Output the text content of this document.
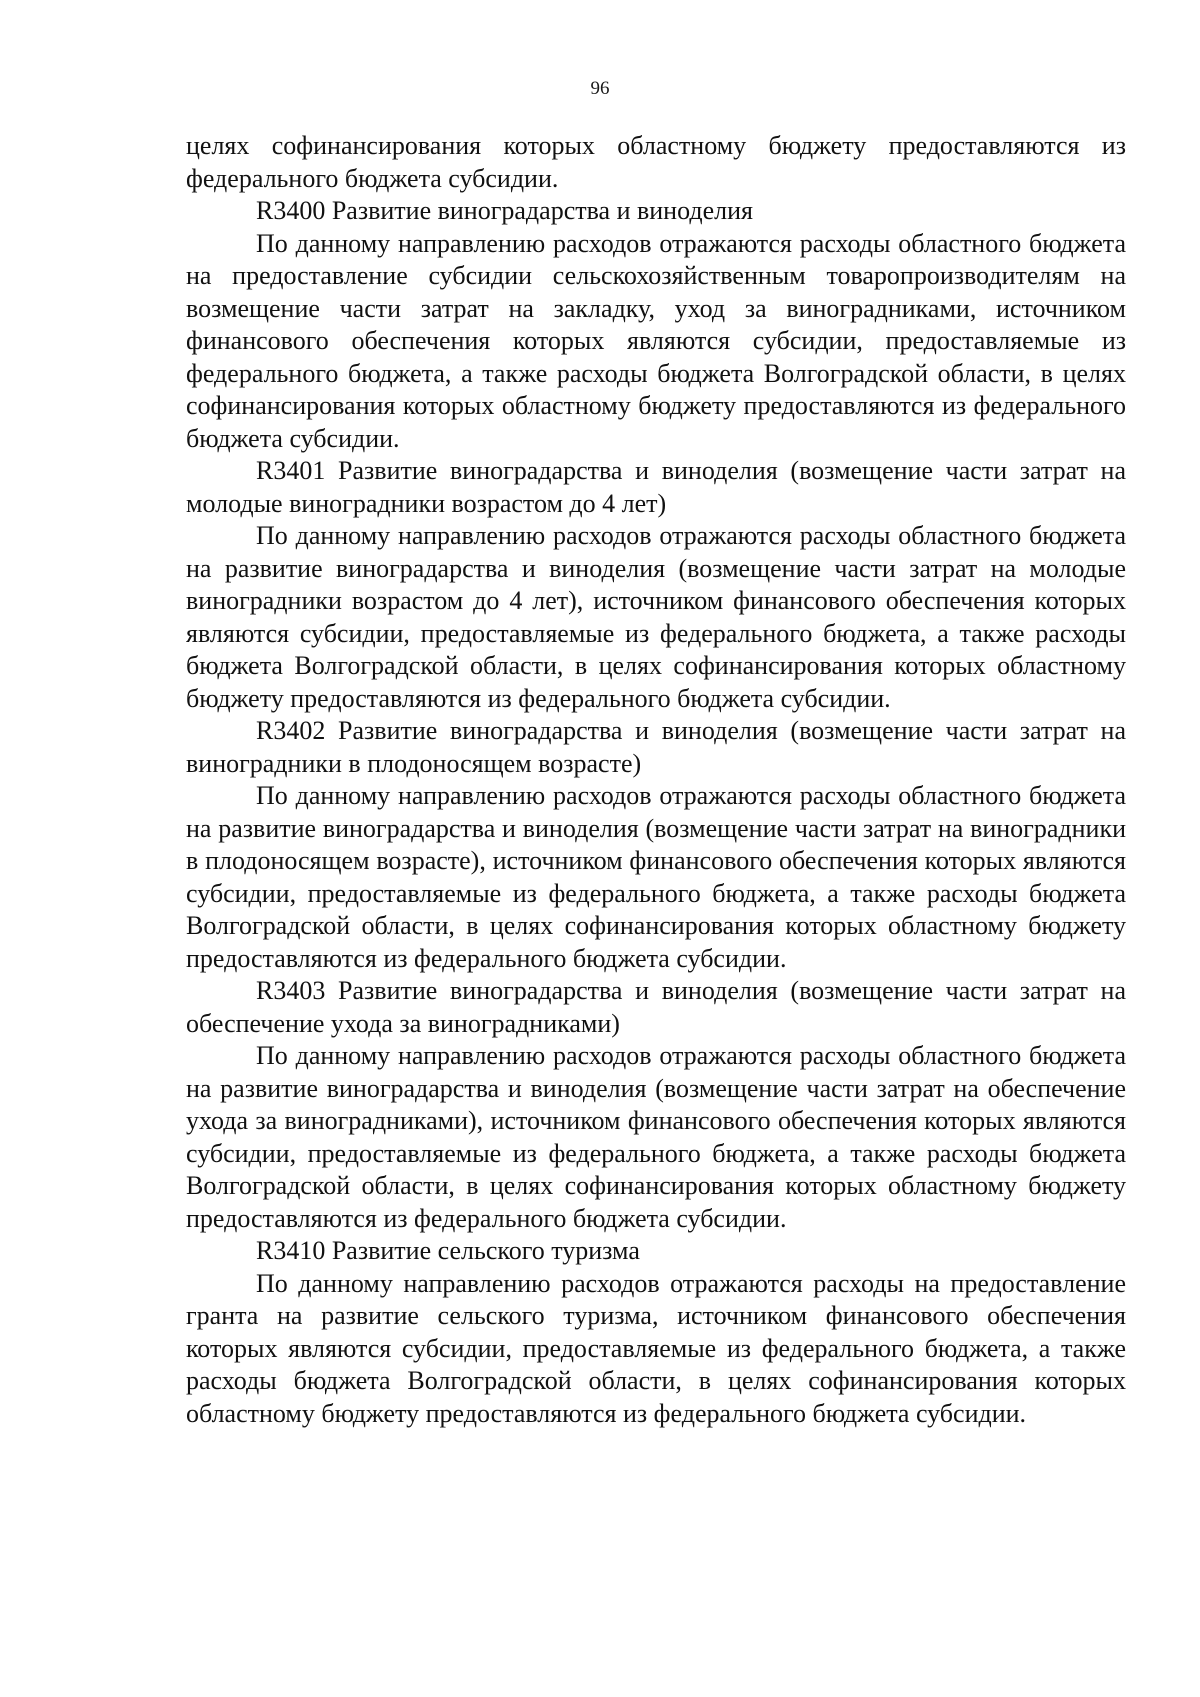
96

целях софинансирования которых областному бюджету предоставляются из федерального бюджета субсидии.

R3400 Развитие виноградарства и виноделия

По данному направлению расходов отражаются расходы областного бюджета на предоставление субсидии сельскохозяйственным товаропроизводителям на возмещение части затрат на закладку, уход за виноградниками, источником финансового обеспечения которых являются субсидии, предоставляемые из федерального бюджета, а также расходы бюджета Волгоградской области, в целях софинансирования которых областному бюджету предоставляются из федерального бюджета субсидии.

R3401 Развитие виноградарства и виноделия (возмещение части затрат на молодые виноградники возрастом до 4 лет)

По данному направлению расходов отражаются расходы областного бюджета на развитие виноградарства и виноделия (возмещение части затрат на молодые виноградники возрастом до 4 лет), источником финансового обеспечения которых являются субсидии, предоставляемые из федерального бюджета, а также расходы бюджета Волгоградской области, в целях софинансирования которых областному бюджету предоставляются из федерального бюджета субсидии.

R3402 Развитие виноградарства и виноделия (возмещение части затрат на виноградники в плодоносящем возрасте)

По данному направлению расходов отражаются расходы областного бюджета на развитие виноградарства и виноделия (возмещение части затрат на виноградники в плодоносящем возрасте), источником финансового обеспечения которых являются субсидии, предоставляемые из федерального бюджета, а также расходы бюджета Волгоградской области, в целях софинансирования которых областному бюджету предоставляются из федерального бюджета субсидии.

R3403 Развитие виноградарства и виноделия (возмещение части затрат на обеспечение ухода за виноградниками)

По данному направлению расходов отражаются расходы областного бюджета на развитие виноградарства и виноделия (возмещение части затрат на обеспечение ухода за виноградниками), источником финансового обеспечения которых являются субсидии, предоставляемые из федерального бюджета, а также расходы бюджета Волгоградской области, в целях софинансирования которых областному бюджету предоставляются из федерального бюджета субсидии.

R3410 Развитие сельского туризма

По данному направлению расходов отражаются расходы на предоставление гранта на развитие сельского туризма, источником финансового обеспечения которых являются субсидии, предоставляемые из федерального бюджета, а также расходы бюджета Волгоградской области, в целях софинансирования которых областному бюджету предоставляются из федерального бюджета субсидии.
